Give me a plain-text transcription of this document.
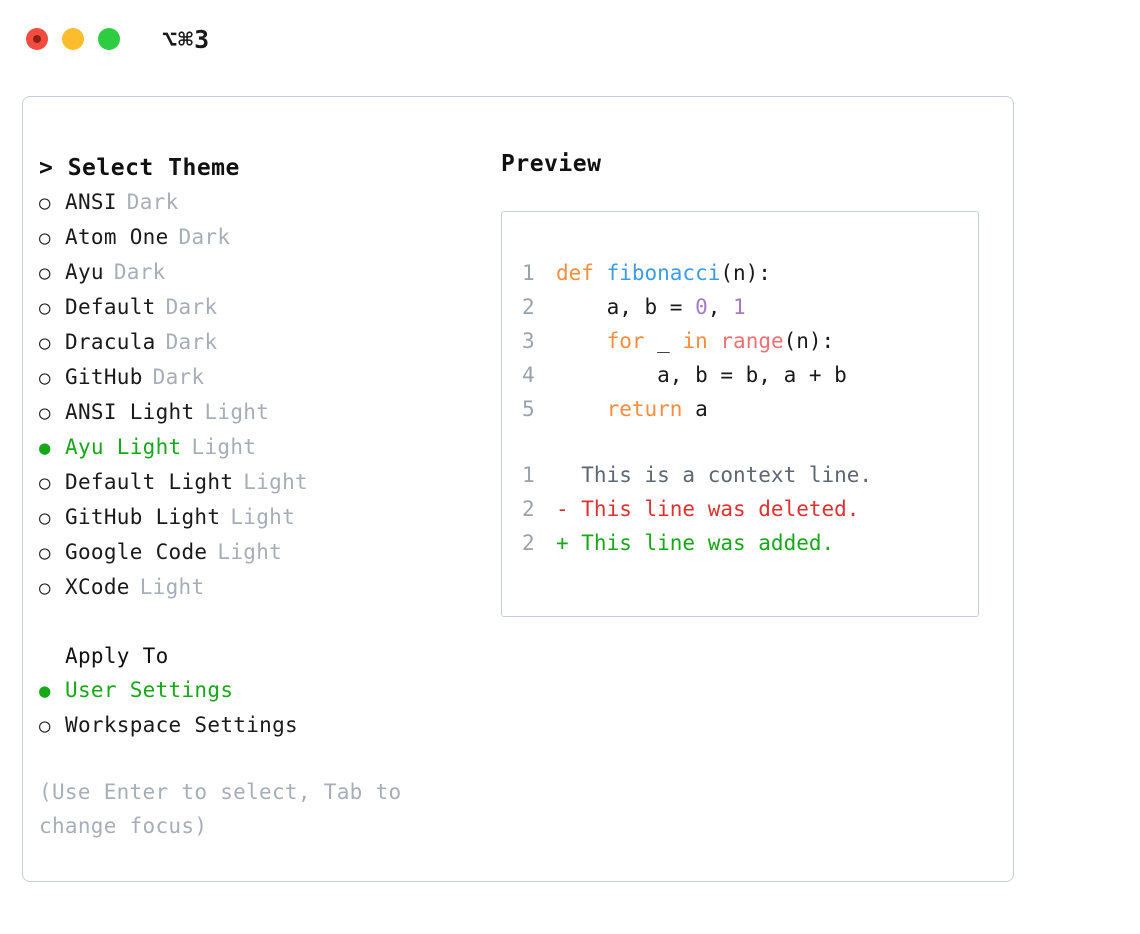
⌥⌘3
> Select Theme
○ ANSI Dark
○ Atom One Dark
○ Ayu Dark
○ Default Dark
○ Dracula Dark
○ GitHub Dark
○ ANSI Light Light
● Ayu Light Light
○ Default Light Light
○ GitHub Light Light
○ Google Code Light
○ XCode Light
Apply To
● User Settings
○ Workspace Settings
(Use Enter to select, Tab to change focus)
Preview
1	def fibonacci(n):
2	a, b = 0, 1
3	for _ in range(n):
4	a, b = b, a + b
5	return a
1	This is a context line.
2	- This line was deleted.
2	+ This line was added.
